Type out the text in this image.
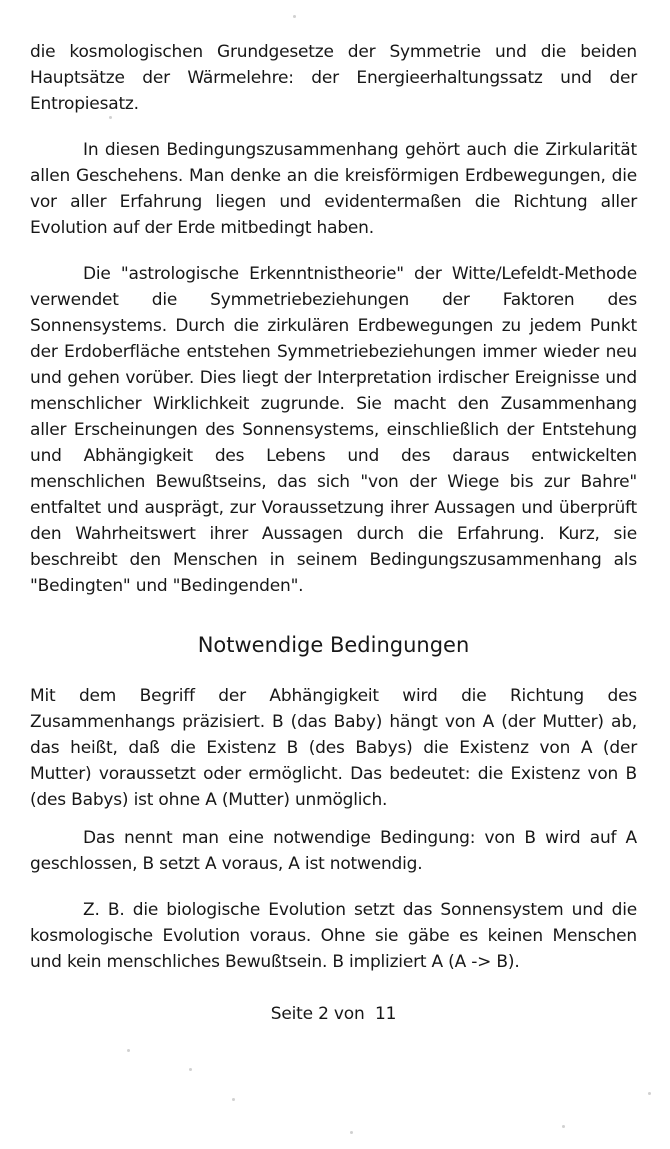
die kosmologischen Grundgesetze der Symmetrie und die beiden Hauptsätze der Wärmelehre: der Energieerhaltungssatz und der Entropiesatz.

In diesen Bedingungszusammenhang gehört auch die Zirkularität allen Geschehens. Man denke an die kreisförmigen Erdbewegungen, die vor aller Erfahrung liegen und evidentermaßen die Richtung aller Evolution auf der Erde mitbedingt haben.

Die "astrologische Erkenntnistheorie" der Witte/Lefeldt-Methode verwendet die Symmetriebeziehungen der Faktoren des Sonnensystems. Durch die zirkulären Erdbewegungen zu jedem Punkt der Erdoberfläche entstehen Symmetriebeziehungen immer wieder neu und gehen vorüber. Dies liegt der Interpretation irdischer Ereignisse und menschlicher Wirklichkeit zugrunde. Sie macht den Zusammenhang aller Erscheinungen des Sonnensystems, einschließlich der Entstehung und Abhängigkeit des Lebens und des daraus entwickelten menschlichen Bewußtseins, das sich "von der Wiege bis zur Bahre" entfaltet und ausprägt, zur Voraussetzung ihrer Aussagen und überprüft den Wahrheitswert ihrer Aussagen durch die Erfahrung. Kurz, sie beschreibt den Menschen in seinem Bedingungszusammenhang als "Bedingten" und "Bedingenden".

Notwendige Bedingungen

Mit dem Begriff der Abhängigkeit wird die Richtung des Zusammenhangs präzisiert. B (das Baby) hängt von A (der Mutter) ab, das heißt, daß die Existenz B (des Babys) die Existenz von A (der Mutter) voraussetzt oder ermöglicht. Das bedeutet: die Existenz von B (des Babys) ist ohne A (Mutter) unmöglich.

Das nennt man eine notwendige Bedingung: von B wird auf A geschlossen, B setzt A voraus, A ist notwendig.

Z. B. die biologische Evolution setzt das Sonnensystem und die kosmologische Evolution voraus. Ohne sie gäbe es keinen Menschen und kein menschliches Bewußtsein. B impliziert A (A -> B).

Seite 2 von  11
